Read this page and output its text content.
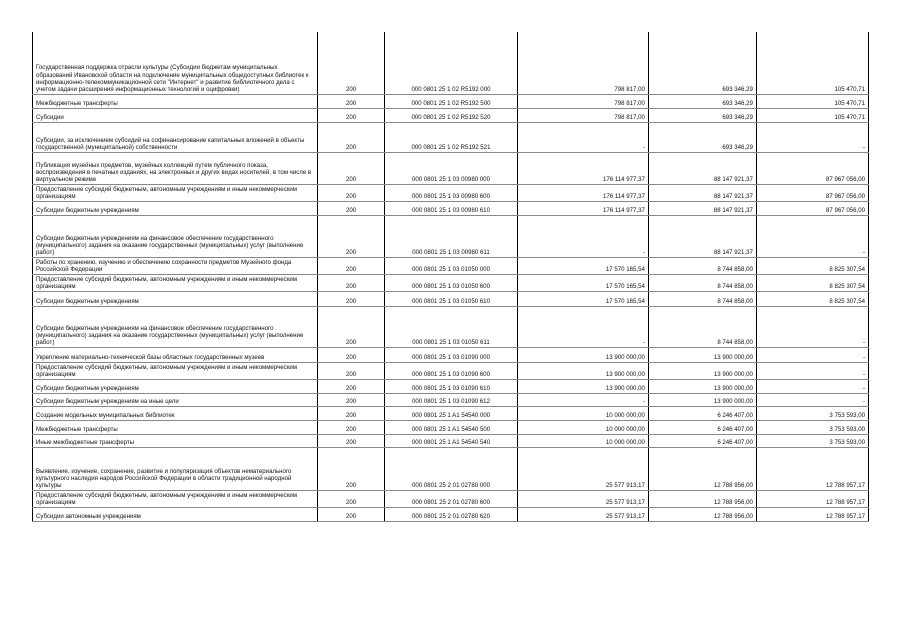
Государственная поддержка отрасли культуры (Субсидии бюджетам муниципальных образований Ивановской области на подключение муниципальных общедоступных библиотек к информационно-телекоммуникационной сети "Интернет" и развитие библиотечного дела с учетом задачи расширения информационных технологий и оцифровки)	200	000 0801 25 1 02 R5192 000	798 817,00	693 346,29	105 470,71
Межбюджетные трансферты	200	000 0801 25 1 02 R5192 500	798 817,00	693 346,29	105 470,71
Субсидии	200	000 0801 25 1 02 R5192 520	798 817,00	693 346,29	105 470,71
Субсидии, за исключением субсидий на софинансирование капитальных вложений в объекты государственной (муниципальной) собственности	200	000 0801 25 1 02 R5192 521	-	693 346,29	-
Публикация музейных предметов, музейных коллекций путем публичного показа, воспроизведения в печатных изданиях, на электронных и других видах носителей, в том числе в виртуальном режиме	200	000 0801 25 1 03 00980 000	176 114 977,37	88 147 921,37	87 967 056,00
Предоставление субсидий бюджетным, автономным учреждениям и иным некоммерческим организациям	200	000 0801 25 1 03 00980 600	176 114 977,37	88 147 921,37	87 967 056,00
Субсидии бюджетным учреждениям	200	000 0801 25 1 03 00980 610	176 114 977,37	88 147 921,37	87 967 056,00
Субсидии бюджетным учреждениям на финансовое обеспечение государственного (муниципального) задания на оказание государственных (муниципальных) услуг (выполнение работ)	200	000 0801 25 1 03 00980 611	-	88 147 921,37	-
Работы по хранению, изучению и обеспечению сохранности предметов Музейного фонда Российской Федерации	200	000 0801 25 1 03 01050 000	17 570 165,54	8 744 858,00	8 825 307,54
Предоставление субсидий бюджетным, автономным учреждениям и иным некоммерческим организациям	200	000 0801 25 1 03 01050 600	17 570 165,54	8 744 858,00	8 825 307,54
Субсидии бюджетным учреждениям	200	000 0801 25 1 03 01050 610	17 570 165,54	8 744 858,00	8 825 307,54
Субсидии бюджетным учреждениям на финансовое обеспечение государственного (муниципального) задания на оказание государственных (муниципальных) услуг (выполнение работ)	200	000 0801 25 1 03 01050 611	-	8 744 858,00	-
Укрепление материально-технической базы областных государственных музеев	200	000 0801 25 1 03 01090 000	13 900 000,00	13 900 000,00	-
Предоставление субсидий бюджетным, автономным учреждениям и иным некоммерческим организациям	200	000 0801 25 1 03 01090 600	13 900 000,00	13 900 000,00	-
Субсидии бюджетным учреждениям	200	000 0801 25 1 03 01090 610	13 900 000,00	13 900 000,00	-
Субсидии бюджетным учреждениям на иные цели	200	000 0801 25 1 03 01090 612	-	13 900 000,00	-
Создание модельных муниципальных библиотек	200	000 0801 25 1 A1 54540 000	10 000 000,00	6 246 407,00	3 753 593,00
Межбюджетные трансферты	200	000 0801 25 1 A1 54540 500	10 000 000,00	6 246 407,00	3 753 593,00
Иные межбюджетные трансферты	200	000 0801 25 1 A1 54540 540	10 000 000,00	6 246 407,00	3 753 593,00
Выявление, изучение, сохранение, развитие и популяризация объектов нематериального культурного наследия народов Российской Федерации в области традиционной народной культуры	200	000 0801 25 2 01 02780 000	25 577 913,17	12 788 956,00	12 788 957,17
Предоставление субсидий бюджетным, автономным учреждениям и иным некоммерческим организациям	200	000 0801 25 2 01 02780 600	25 577 913,17	12 788 956,00	12 788 957,17
Субсидии автономным учреждениям	200	000 0801 25 2 01 02780 620	25 577 913,17	12 788 956,00	12 788 957,17
